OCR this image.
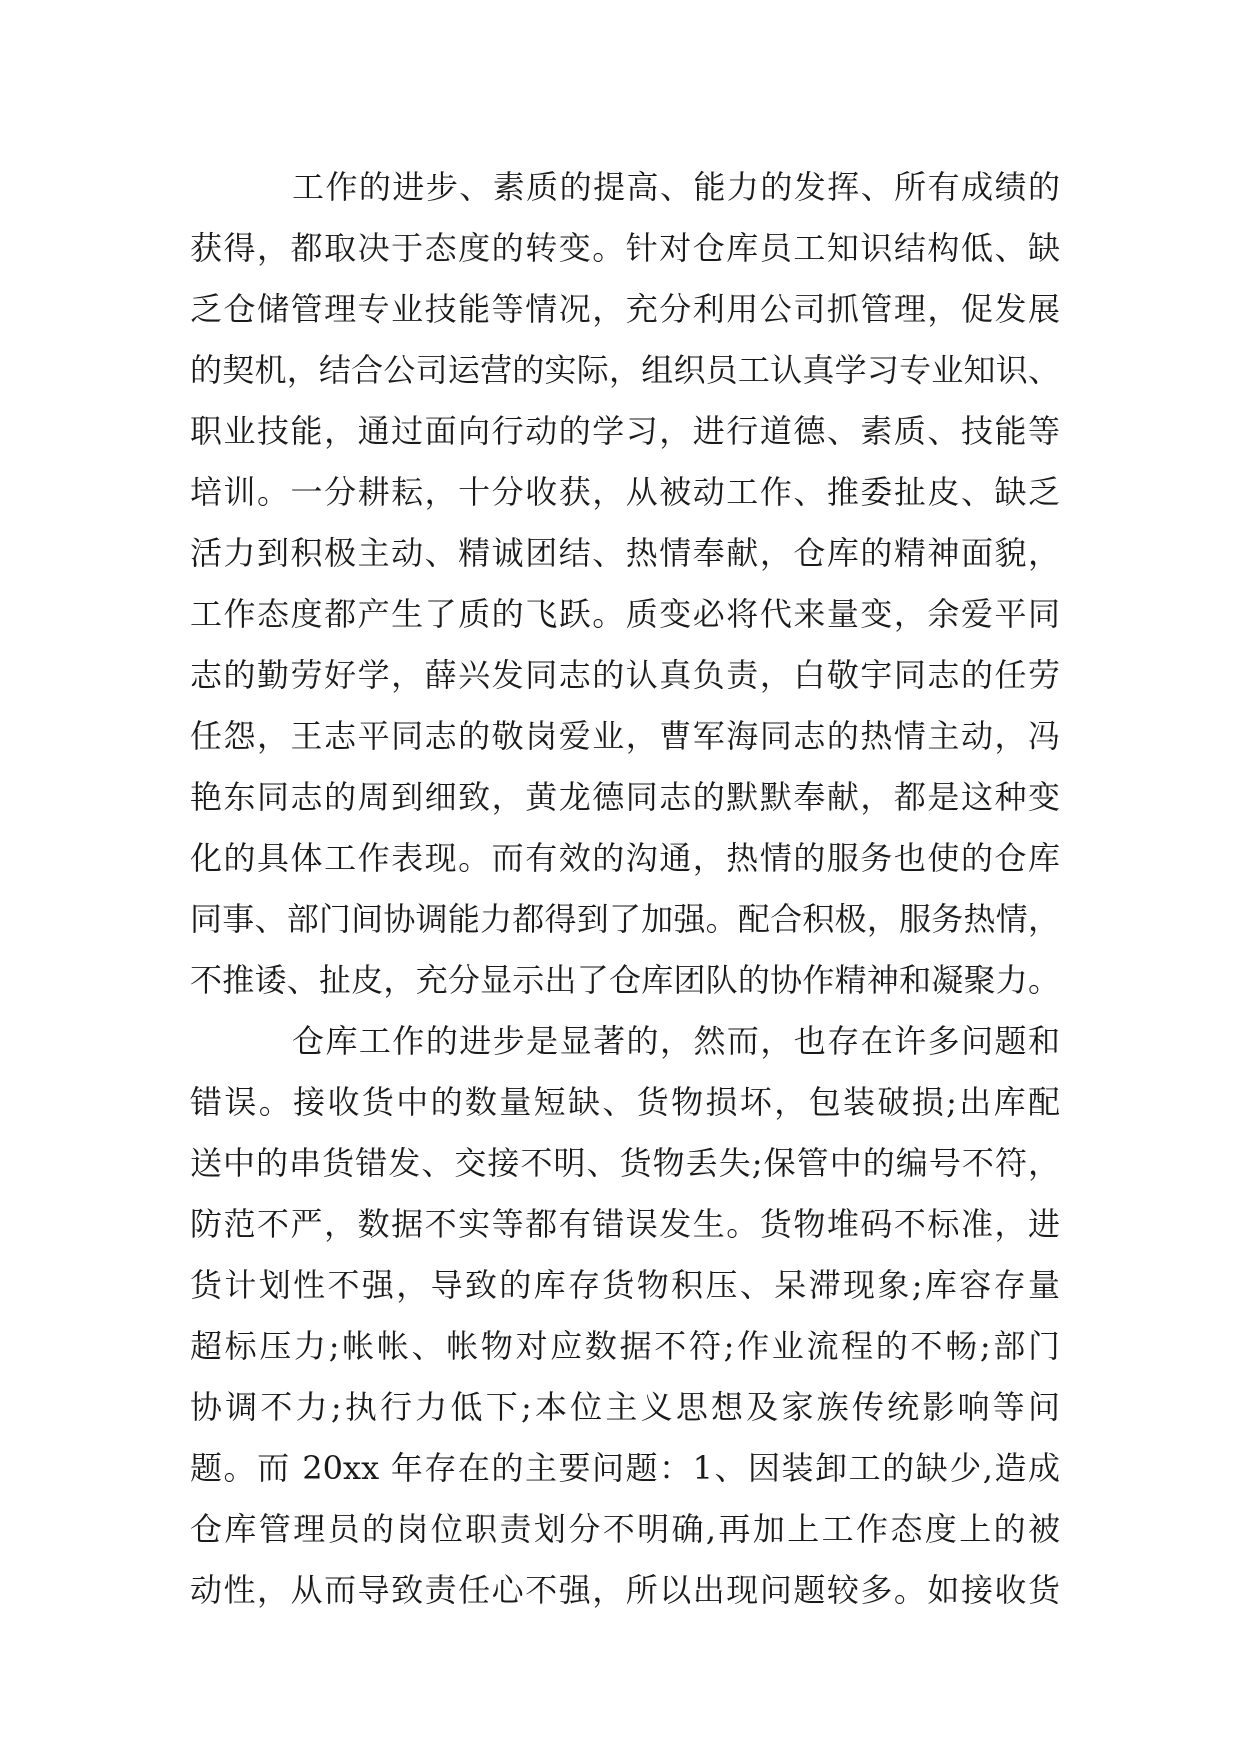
工作的进步、素质的提高、能力的发挥、所有成绩的
获得，都取决于态度的转变。针对仓库员工知识结构低、缺
乏仓储管理专业技能等情况，充分利用公司抓管理，促发展
的契机，结合公司运营的实际，组织员工认真学习专业知识、
职业技能，通过面向行动的学习，进行道德、素质、技能等
培训。一分耕耘，十分收获，从被动工作、推委扯皮、缺乏
活力到积极主动、精诚团结、热情奉献，仓库的精神面貌，
工作态度都产生了质的飞跃。质变必将代来量变，余爱平同
志的勤劳好学，薛兴发同志的认真负责，白敬宇同志的任劳
任怨，王志平同志的敬岗爱业，曹军海同志的热情主动，冯
艳东同志的周到细致，黄龙德同志的默默奉献，都是这种变
化的具体工作表现。而有效的沟通，热情的服务也使的仓库
同事、部门间协调能力都得到了加强。配合积极，服务热情，
不推诿、扯皮，充分显示出了仓库团队的协作精神和凝聚力。
仓库工作的进步是显著的，然而，也存在许多问题和
错误。接收货中的数量短缺、货物损坏，包装破损;出库配
送中的串货错发、交接不明、货物丢失;保管中的编号不符，
防范不严，数据不实等都有错误发生。货物堆码不标准，进
货计划性不强，导致的库存货物积压、呆滞现象;库容存量
超标压力;帐帐、帐物对应数据不符;作业流程的不畅;部门
协调不力;执行力低下;本位主义思想及家族传统影响等问
题。而 20xx 年存在的主要问题：1、因装卸工的缺少,造成
仓库管理员的岗位职责划分不明确,再加上工作态度上的被
动性，从而导致责任心不强，所以出现问题较多。如接收货
